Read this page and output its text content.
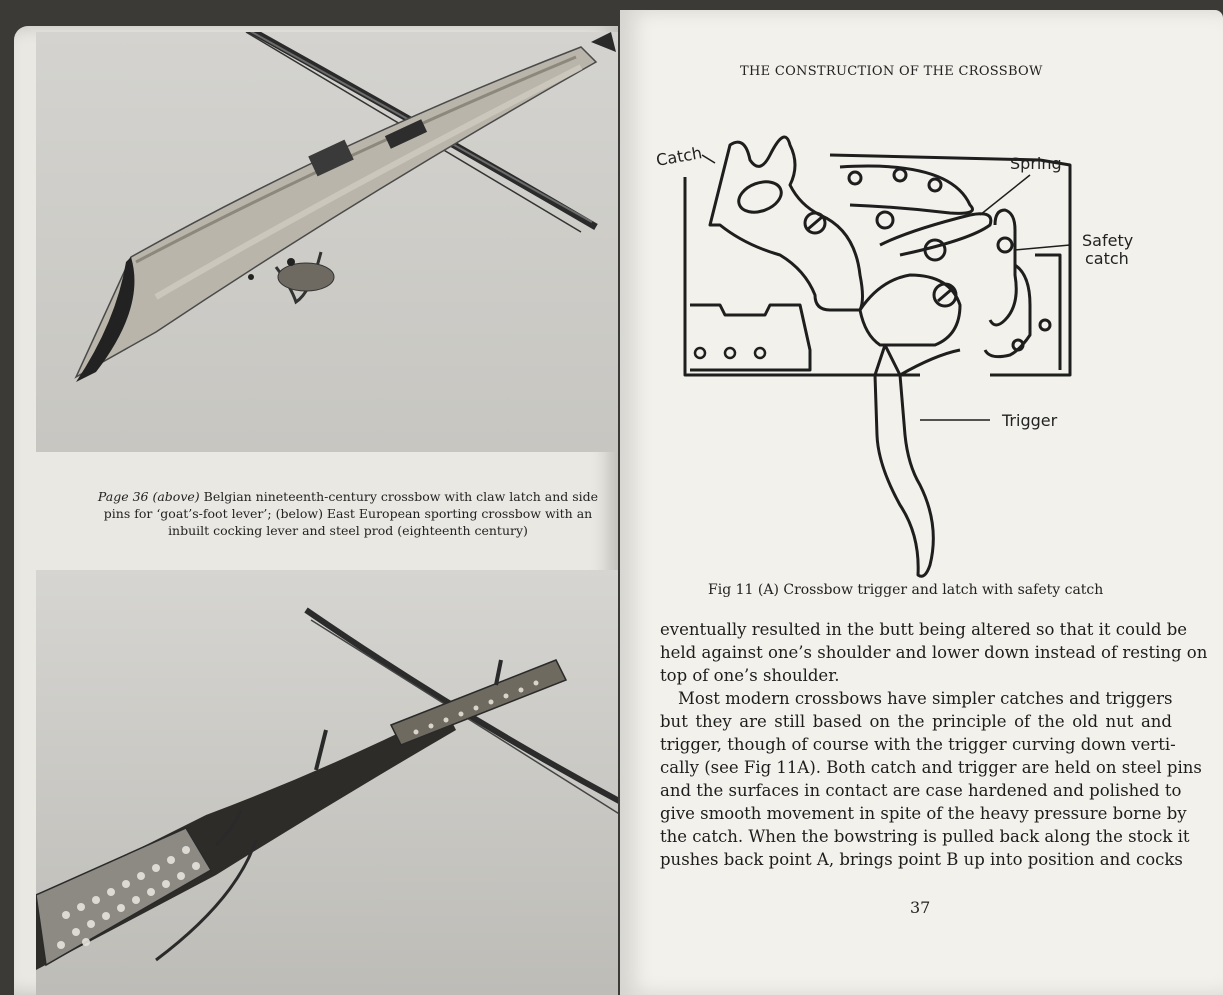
Page 36 (above) Belgian nineteenth-century crossbow with claw latch and side
pins for ‘goat’s-foot lever’; (below) East European sporting crossbow with an
inbuilt cocking lever and steel prod (eighteenth century)
THE CONSTRUCTION OF THE CROSSBOW
Catch	Spring
Safety
catch
Trigger
Fig 11 (A) Crossbow trigger and latch with safety catch
eventually resulted in the butt being altered so that it could be
held against one’s shoulder and lower down instead of resting on
top of one’s shoulder.
Most modern crossbows have simpler catches and triggers
but they are still based on the principle of the old nut and
trigger, though of course with the trigger curving down verti-
cally (see Fig 11A). Both catch and trigger are held on steel pins
and the surfaces in contact are case hardened and polished to
give smooth movement in spite of the heavy pressure borne by
the catch. When the bowstring is pulled back along the stock it
pushes back point A, brings point B up into position and cocks
37
